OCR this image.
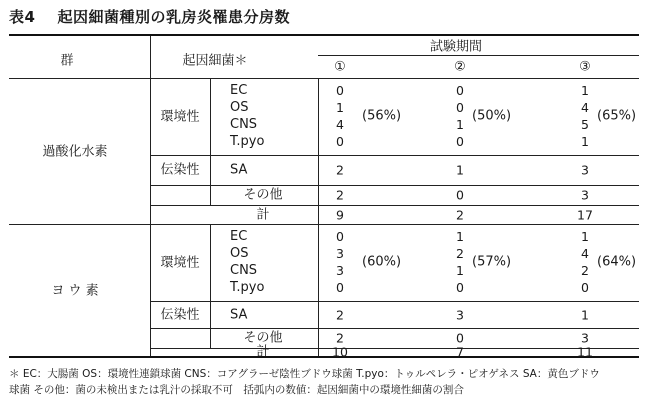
表4 起因細菌種別の乳房炎罹患分房数
群	起因細菌＊
試験期間
①	②	③
＊ EC：大腸菌 OS：環境性連鎖球菌 CNS：コアグラーゼ陰性ブドウ球菌 T.pyo：トゥルペレラ・ピオゲネス SA：黄色ブドウ
球菌 その他：菌の未検出または乳汁の採取不可　括弧内の数値：起因細菌中の環境性細菌の割合
過酸化水素
環境性
EC	0	0	1
OS	1	0	4
CNS	4	1	5
T.pyo	0	0	1
(56%)	(50%)	(65%)
伝染性 SA	2	1	3
その他	2	0	3
計	9	2	17
ヨ ウ 素
環境性
EC	0	1	1
OS	3	2	4
CNS	3	1	2
T.pyo	0	0	0
(60%)	(57%)	(64%)
伝染性 SA	2	3	1
その他	2	0	3
計	10	7	11
